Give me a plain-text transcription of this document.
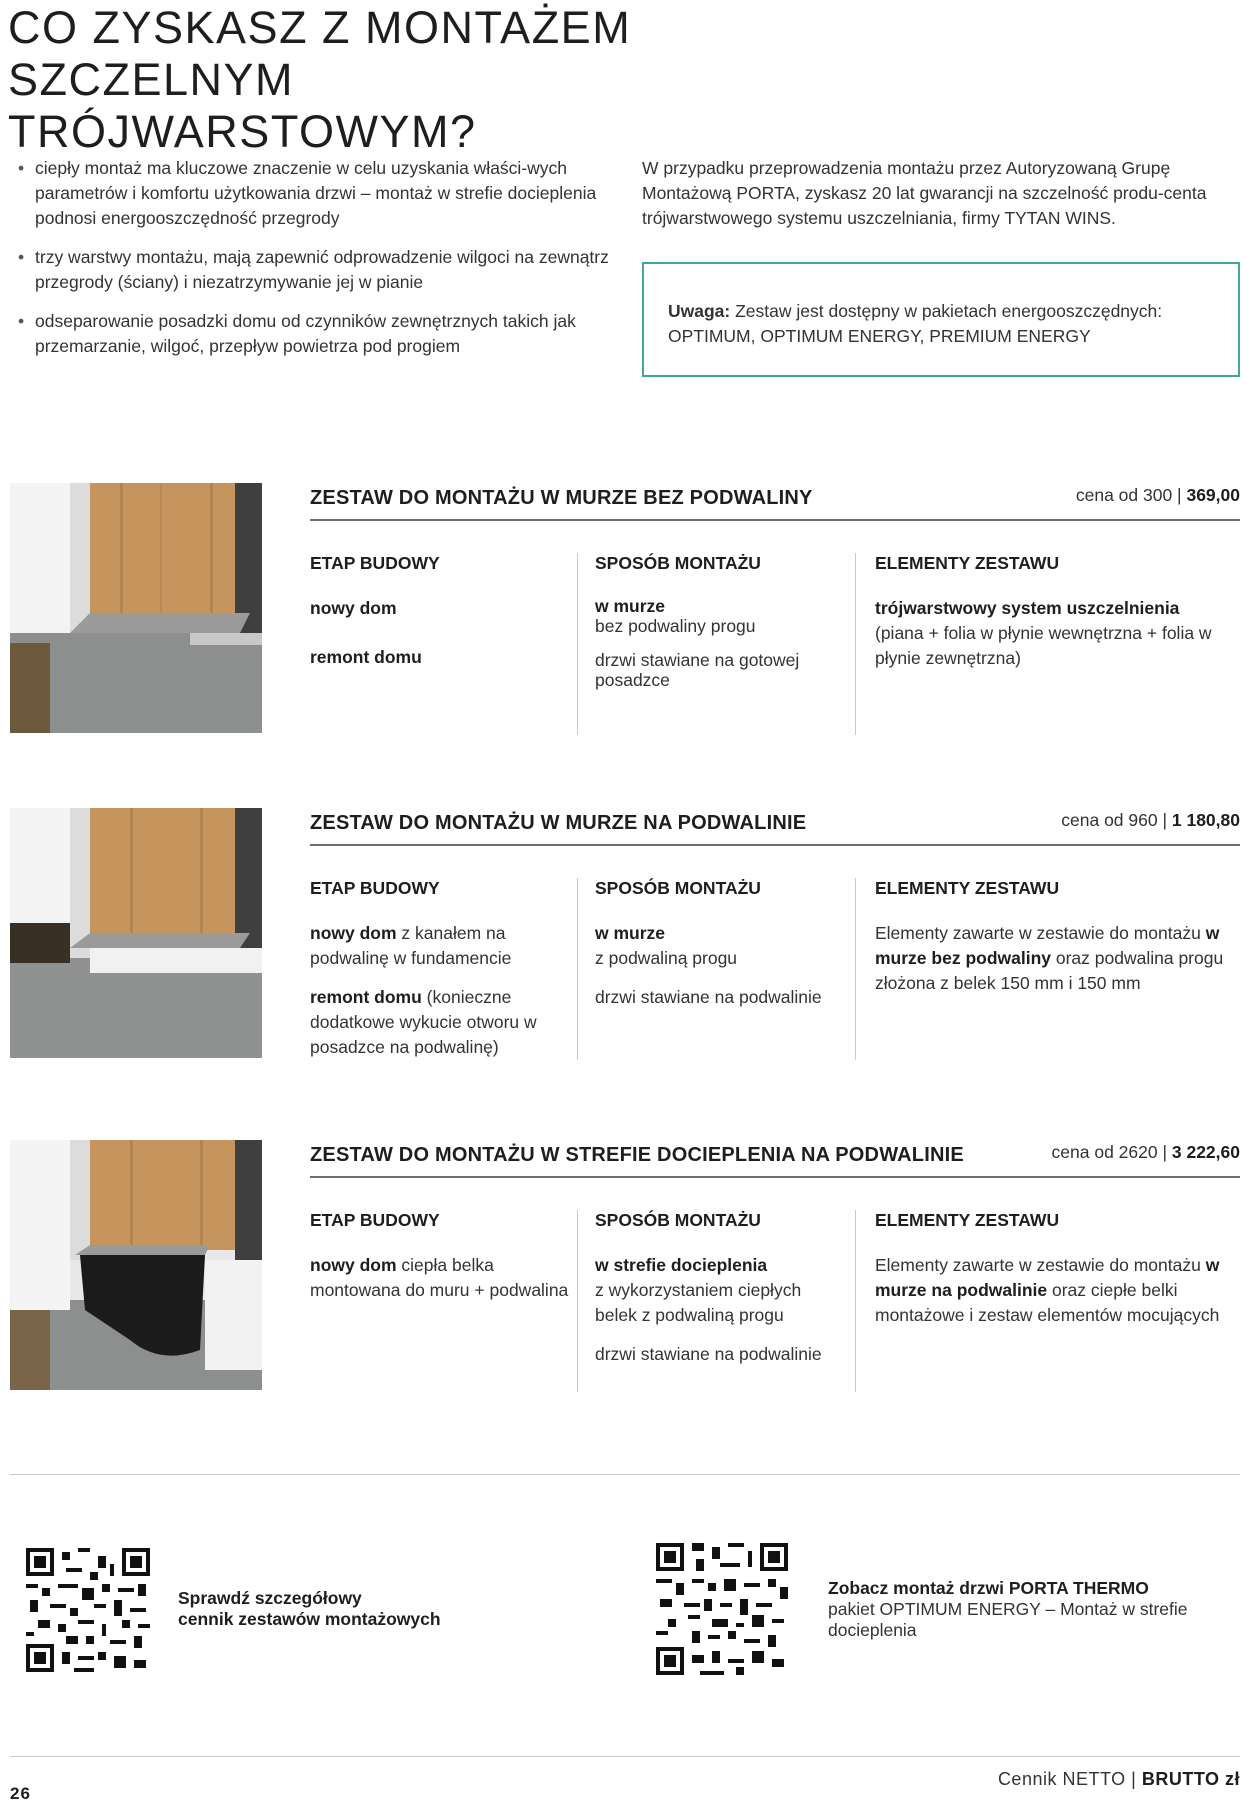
CO ZYSKASZ Z MONTAŻEM SZCZELNYM
TRÓJWARSTOWYM?
• ciepły montaż ma kluczowe znaczenie w celu uzyskania właści-wych parametrów i komfortu użytkowania drzwi – montaż w strefie docieplenia podnosi energooszczędność przegrody
• trzy warstwy montażu, mają zapewnić odprowadzenie wilgoci na zewnątrz przegrody (ściany) i niezatrzymywanie jej w pianie
• odseparowanie posadzki domu od czynników zewnętrznych takich jak przemarzanie, wilgoć, przepływ powietrza pod progiem

W przypadku przeprowadzenia montażu przez Autoryzowaną Grupę Montażową PORTA, zyskasz 20 lat gwarancji na szczelność produ-centa trójwarstwowego systemu uszczelniania, firmy TYTAN WINS.

Uwaga: Zestaw jest dostępny w pakietach energooszczędnych: OPTIMUM, OPTIMUM ENERGY, PREMIUM ENERGY
ZESTAW DO MONTAŻU W MURZE BEZ PODWALINY	cena od 300 | 369,00
ETAP BUDOWY

nowy dom

remont domu

SPOSÓB MONTAŻU

w murze
bez podwaliny progu

drzwi stawiane na gotowej posadzce

ELEMENTY ZESTAWU

trójwarstwowy system uszczelnienia
(piana + folia w płynie wewnętrzna + folia w płynie zewnętrzna)

ZESTAW DO MONTAŻU W MURZE NA PODWALINIE	cena od 960 | 1 180,80
ETAP BUDOWY

nowy dom z kanałem na podwalinę w fundamencie

remont domu (konieczne dodatkowe wykucie otworu w posadzce na podwalinę)

SPOSÓB MONTAŻU

w murze
z podwaliną progu

drzwi stawiane na podwalinie

ELEMENTY ZESTAWU

Elementy zawarte w zestawie do montażu w murze bez podwaliny oraz podwalina progu złożona z belek 150 mm i 150 mm

ZESTAW DO MONTAŻU W STREFIE DOCIEPLENIA NA PODWALINIE	cena od 2620 | 3 222,60
ETAP BUDOWY

nowy dom ciepła belka montowana do muru + podwalina

SPOSÓB MONTAŻU

w strefie docieplenia
z wykorzystaniem ciepłych belek z podwaliną progu

drzwi stawiane na podwalinie

ELEMENTY ZESTAWU

Elementy zawarte w zestawie do montażu w murze na podwalinie oraz ciepłe belki montażowe i zestaw elementów mocujących

Sprawdź szczegółowy
cennik zestawów montażowych
Zobacz montaż drzwi PORTA THERMO
pakiet OPTIMUM ENERGY – Montaż w strefie docieplenia
26
Cennik NETTO | BRUTTO zł
